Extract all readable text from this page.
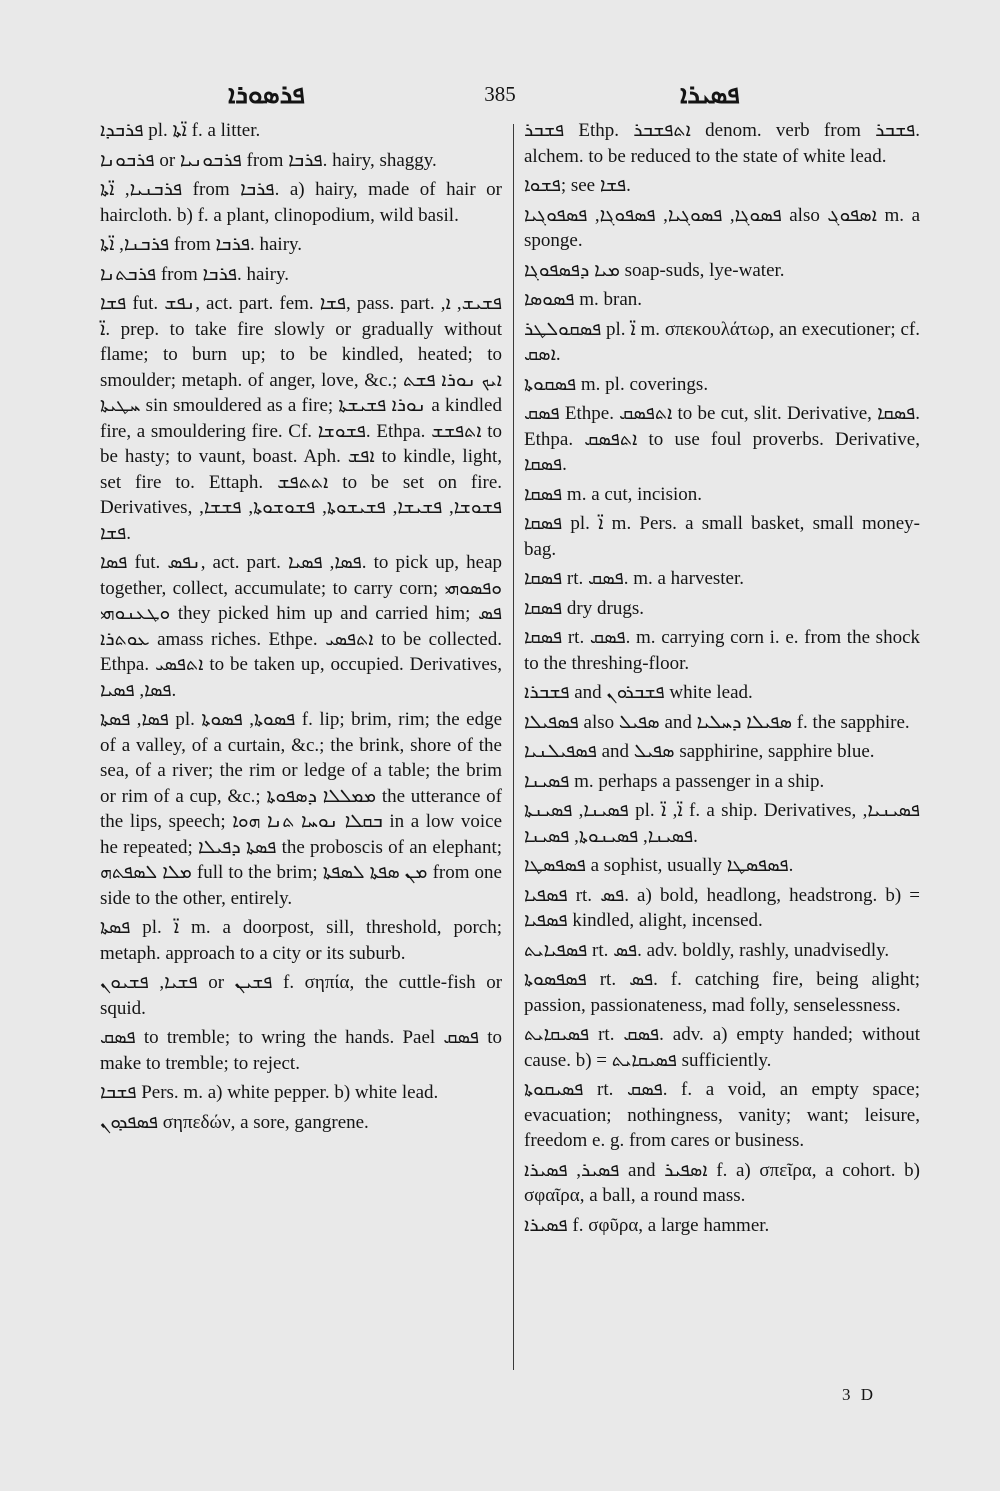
ܦܪܣܘܪܐ	385	ܦܣܝܪܐ

ܦܪܒܕܐ pl. ܐ̈ܬܐ f. a litter.

ܦܪܒܘܢܐ or ܦܪܒܘܢܝܐ from ܦܪܒܐ. hairy, shaggy.

ܦܪܒܢܝܐ, ܐ̈ܬܐ from ܦܪܒܐ. a) hairy, made of hair or haircloth. b) f. a plant, clinopodium, wild basil.

ܦܪܒܢܐ, ܐ̈ܬܐ from ܦܪܒܐ. hairy.

ܦܪܒܬܢܐ from ܦܪܒܐ. hairy.

ܦܫܐ fut. ܢܦܫ, act. part. fem. ܦܫܐ, pass. part. ܦܫܝܫ, ܐ, ܐ̈. prep. to take fire slowly or gradually without flame; to burn up; to be kindled, heated; to smoulder; metaph. of anger, love, &c.; ܐܝܟ ܢܘܪܐ ܦܫܬ ܚܛܝܬܐ sin smouldered as a fire; ܢܘܪܐ ܦܫܝܫܬܐ a kindled fire, a smouldering fire. Cf. ܦܫܘܫܐ. Ethpa. ܐܬܦܫܫ to be hasty; to vaunt, boast. Aph. ܐܦܫ to kindle, light, set fire to. Ettaph. ܐܬܬܦܫ to be set on fire. Derivatives, ܦܫܘܫܐ, ܦܫܝܫܐ, ܦܫܝܫܘܬܐ, ܦܫܘܫܘܬܐ, ܦܫܫܐ, ܦܫܐ.

ܦܣܐ fut. ܢܦܣ, act. part. ܦܣܐ, ܦܣܝܐ. to pick up, heap together, collect, accumulate; to carry corn; ܘܦܣܘܗܝ ܘܛܥܢܘܗܝ they picked him up and carried him; ܦܣ ܥܘܬܪܐ amass riches. Ethpe. ܐܬܦܣܝ to be collected. Ethpa. ܐܬܦܣܝ to be taken up, occupied. Derivatives, ܦܣܐ, ܦܣܝܐ.

ܦܣܐ, ܦܣܬܐ pl. ܦܣܘܬܐ, ܦܣܘܬܐ f. lip; brim, rim; the edge of a valley, of a curtain, &c.; the brink, shore of the sea, of a river; the rim or ledge of a table; the brim or rim of a cup, &c.; ܡܡܠܠܐ ܕܣܦܘܬܐ the utterance of the lips, speech; ܒܩܠܐ ܢܘܚܐ ܬܢܐ ܗܘܐ in a low voice he repeated; ܦܣܬܐ ܕܦܝܠܐ the proboscis of an elephant; ܡܠܐ ܠܣܦܬܗ full to the brim; ܡܢ ܣܦܬܐ ܠܣܦܬܐ from one side to the other, entirely.

ܦܣܬܐ pl. ܐ̈ m. a doorpost, sill, threshold, porch; metaph. approach to a city or its suburb.

ܦܫܝܐ, ܦܫܝܘܢ or ܦܫܝܢ f. σηπία, the cuttle-fish or squid.

ܦܣܩ to tremble; to wring the hands. Pael ܦܣܩ to make to tremble; to reject.

ܦܫܒܐ Pers. m. a) white pepper. b) white lead.

ܦܣܦܕܘܢ σηπεδών, a sore, gangrene.

ܦܫܒܪ Ethp. ܐܬܦܫܒܪ denom. verb from ܦܫܒܪ. alchem. to be reduced to the state of white lead.

ܦܫܘܐ; see ܦܫܐ.

ܦܣܘܓܐ, ܦܣܘܓܝܐ, ܦܣܦܘܓܐ, ܦܣܦܘܓܝܐ also ܐܣܦܘܓ m. a sponge.

ܡܝܐ ܕܦܣܦܘܓܐ soap-suds, lye-water.

ܦܣܘܣܐ m. bran.

ܦܣܩܘܠܛܪ pl. ܐ̈ m. σπεκουλάτωρ, an executioner; cf. ܐܣܩ.

ܦܣܩܘܬܐ m. pl. coverings.

ܦܣܩ Ethpe. ܐܬܦܣܩ to be cut, slit. Derivative, ܦܣܩܐ. Ethpa. ܐܬܦܣܩ to use foul proverbs. Derivative, ܦܣܩܐ.

ܦܣܩܐ m. a cut, incision.

ܦܣܩܐ pl. ܐ̈ m. Pers. a small basket, small money-bag.

ܦܣܩܐ rt. ܦܣܩ. m. a harvester.

ܦܣܩܐ dry drugs.

ܦܣܩܐ rt. ܦܣܩ. m. carrying corn i. e. from the shock to the threshing-floor.

ܦܫܒܪܐ and ܦܫܒܪܘܢ white lead.

ܦܣܦܝܠܐ also ܣܦܝܠ and ܣܦܝܠܐ ܕܚܠܝܐ f. the sapphire.

ܦܣܦܝܠܢܝܐ and ܣܦܝܠ sapphirine, sapphire blue.

ܦܣܝܢܐ m. perhaps a passenger in a ship.

ܦܣܝܢܐ, ܦܣܝܢܬܐ pl. ܐ̈, ܐ̈ f. a ship. Derivatives, ܦܣܝܢܝܐ, ܦܣܝܢܐ, ܦܣܝܢܘܬܐ, ܦܣܝܢܐ.

ܦܣܦܣܛܐ a sophist, usually ܦܣܦܣܛܐ.

ܦܣܦܝܐ rt. ܦܣ. a) bold, headlong, headstrong. b) = ܦܣܦܝܐ kindled, alight, incensed.

ܦܣܦܝܐܝܬ rt. ܦܣ. adv. boldly, rashly, unadvisedly.

ܦܣܦܣܘܬܐ rt. ܦܣ. f. catching fire, being alight; passion, passionateness, mad folly, senselessness.

ܦܣܝܩܐܝܬ rt. ܦܣܩ. adv. a) empty handed; without cause. b) = ܦܣܝܩܐܝܬ sufficiently.

ܦܣܝܩܘܬܐ rt. ܦܣܩ. f. a void, an empty space; evacuation; nothingness, vanity; want; leisure, freedom e. g. from cares or business.

ܦܣܝܪ, ܦܣܝܪܐ and ܐܣܦܝܪ f. a) σπεῖρα, a cohort. b) σφαῖρα, a ball, a round mass.

ܦܣܝܪܐ f. σφῦρα, a large hammer.

3 D
